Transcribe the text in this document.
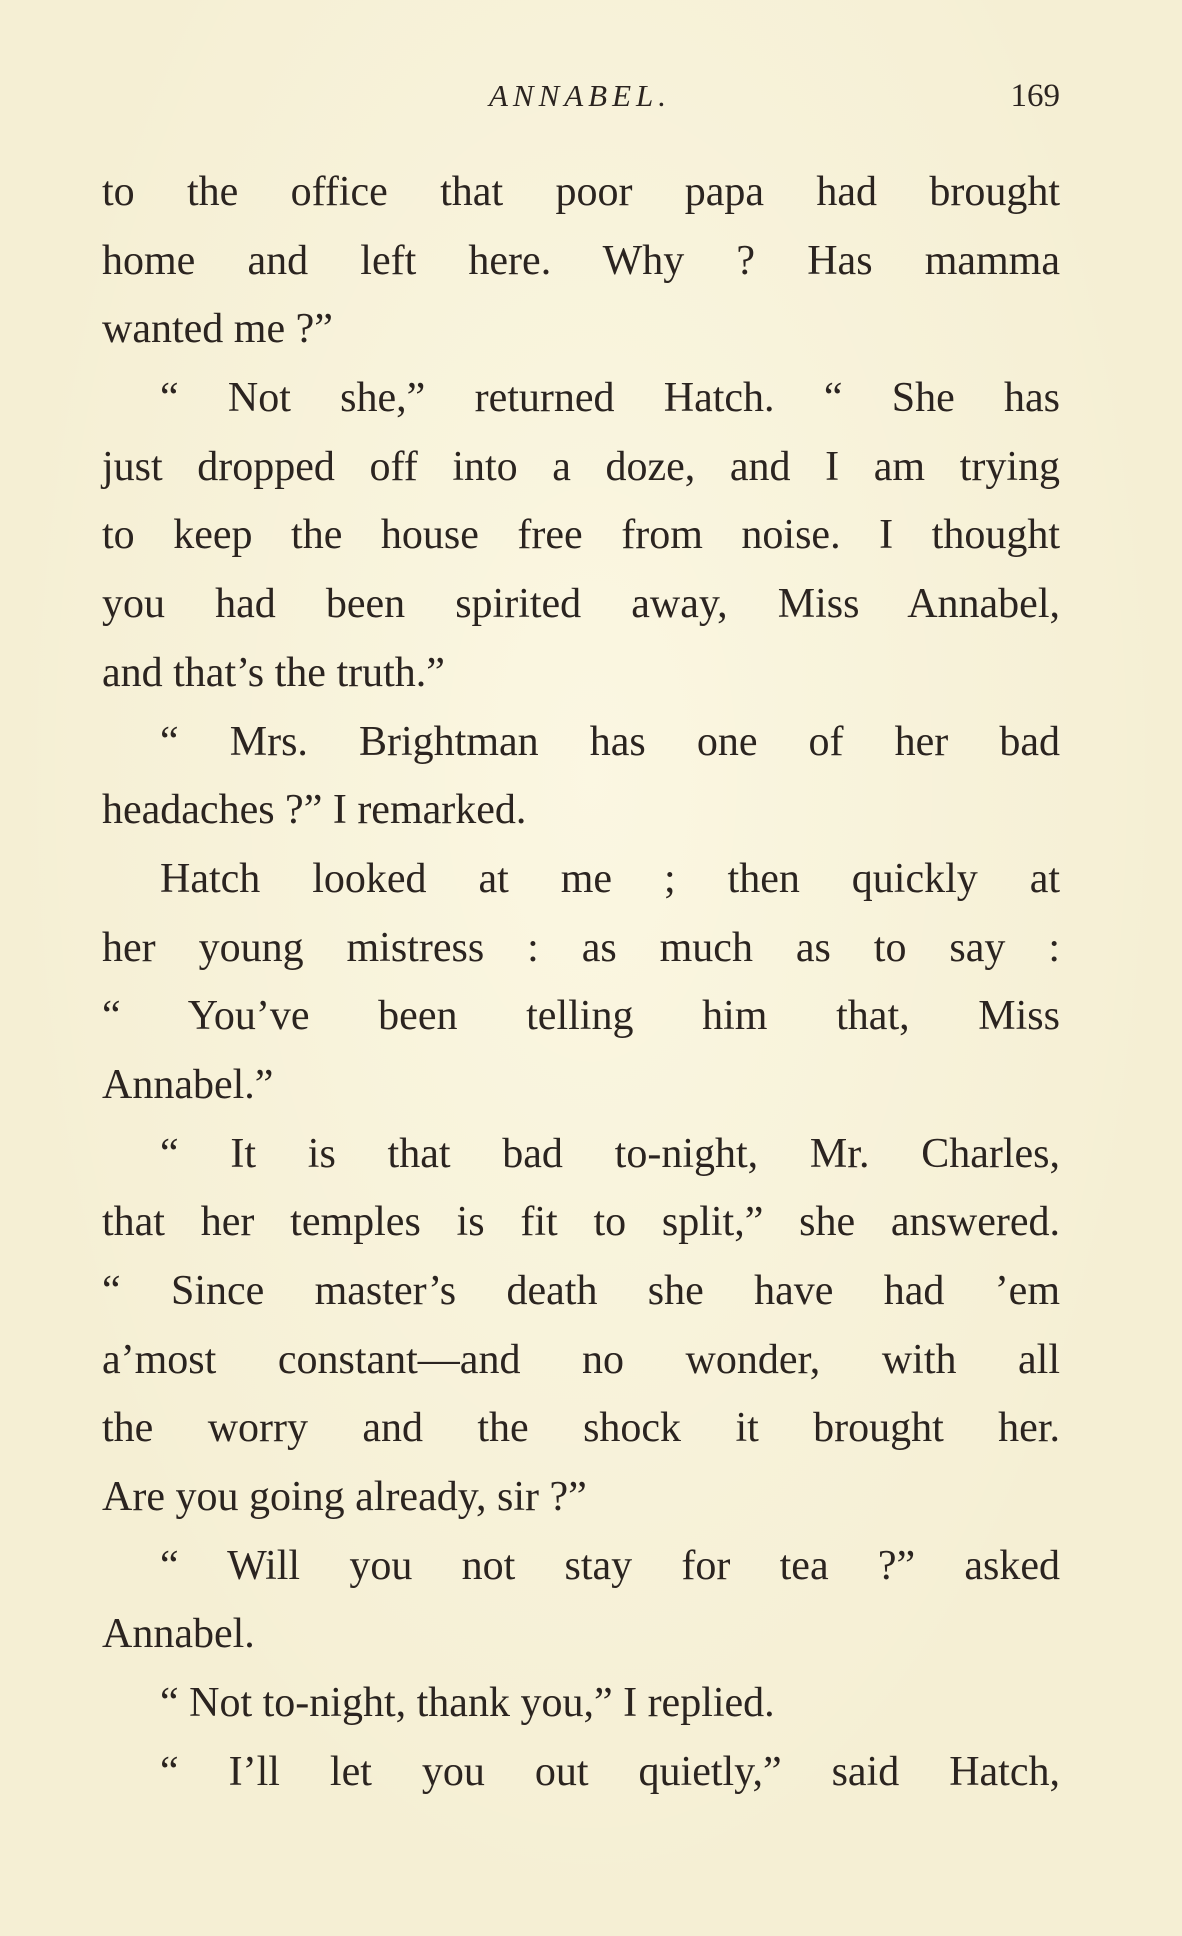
ANNABEL.	169
to the office that poor papa had brought
home and left here. Why ? Has mamma
wanted me ?”
“ Not she,” returned Hatch. “ She has
just dropped off into a doze, and I am trying
to keep the house free from noise. I thought
you had been spirited away, Miss Annabel,
and that’s the truth.”
“ Mrs. Brightman has one of her bad
headaches ?” I remarked.
Hatch looked at me ; then quickly at
her young mistress : as much as to say :
“ You’ve been telling him that, Miss
Annabel.”
“ It is that bad to-night, Mr. Charles,
that her temples is fit to split,” she answered.
“ Since master’s death she have had ’em
a’most constant—and no wonder, with all
the worry and the shock it brought her.
Are you going already, sir ?”
“ Will you not stay for tea ?” asked
Annabel.
“ Not to-night, thank you,” I replied.
“ I’ll let you out quietly,” said Hatch,
